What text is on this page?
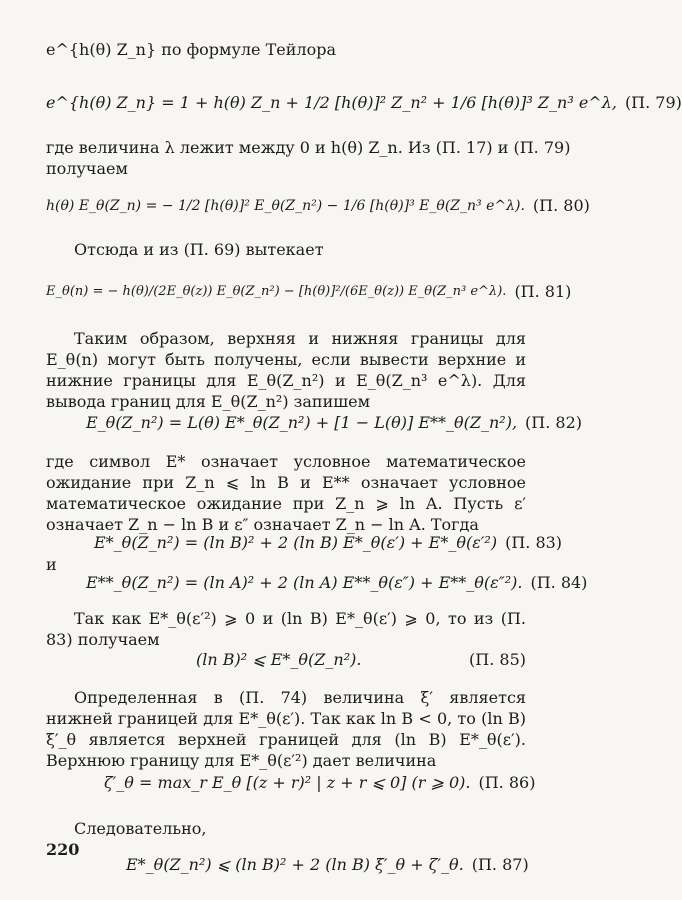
e^{h(θ) Z_n} по формуле Тейлора
e^{h(θ) Z_n} = 1 + h(θ) Z_n + 1/2 [h(θ)]² Z_n² + 1/6 [h(θ)]³ Z_n³ e^λ, (П. 79)
где величина λ лежит между 0 и h(θ) Z_n. Из (П. 17) и (П. 79)
получаем
h(θ) E_θ(Z_n) = − 1/2 [h(θ)]² E_θ(Z_n²) − 1/6 [h(θ)]³ E_θ(Z_n³ e^λ). (П. 80)
Отсюда и из (П. 69) вытекает
E_θ(n) = − h(θ)/(2E_θ(z)) E_θ(Z_n²) − [h(θ)]²/(6E_θ(z)) E_θ(Z_n³ e^λ). (П. 81)
Таким образом, верхняя и нижняя границы для E_θ(n) могут быть получены, если вывести верхние и нижние границы для E_θ(Z_n²) и E_θ(Z_n³ e^λ). Для вывода границ для E_θ(Z_n²) запишем
E_θ(Z_n²) = L(θ) E*_θ(Z_n²) + [1 − L(θ)] E**_θ(Z_n²), (П. 82)
где символ E* означает условное математическое ожидание при Z_n ⩽ ln B и E** означает условное математическое ожидание при Z_n ⩾ ln A. Пусть ε′ означает Z_n − ln B и ε″ означает Z_n − ln A. Тогда
E*_θ(Z_n²) = (ln B)² + 2 (ln B) E*_θ(ε′) + E*_θ(ε′²) (П. 83)
и
E**_θ(Z_n²) = (ln A)² + 2 (ln A) E**_θ(ε″) + E**_θ(ε″²). (П. 84)
Так как E*_θ(ε′²) ⩾ 0 и (ln B) E*_θ(ε′) ⩾ 0, то из (П. 83) получаем
(ln B)² ⩽ E*_θ(Z_n²).	(П. 85)
Определенная в (П. 74) величина ξ′ является нижней границей для E*_θ(ε′). Так как ln B < 0, то (ln B) ξ′_θ является верхней границей для (ln B) E*_θ(ε′). Верхнюю границу для E*_θ(ε′²) дает величина
ζ′_θ = max_r E_θ [(z + r)² | z + r ⩽ 0] (r ⩾ 0). (П. 86)
Следовательно,
E*_θ(Z_n²) ⩽ (ln B)² + 2 (ln B) ξ′_θ + ζ′_θ. (П. 87)
220
